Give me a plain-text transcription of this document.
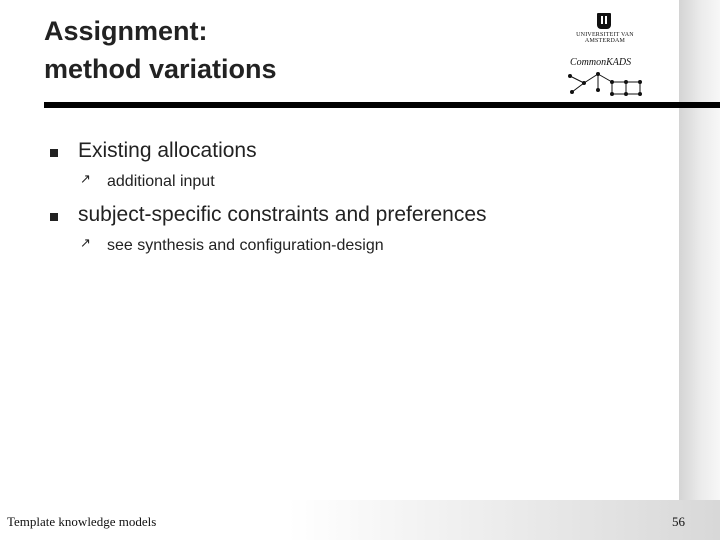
Assignment:
method variations
UNIVERSITEIT VAN AMSTERDAM
CommonKADS
Existing allocations
↗ additional input
subject-specific constraints and preferences
↗ see synthesis and configuration-design
Template knowledge models	56
